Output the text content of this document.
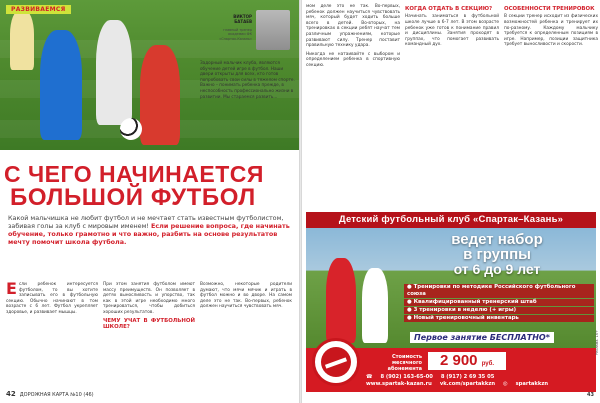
РАЗВИВАЕМСЯ
ВИКТОР
БАТАЕВ
главный тренер академии ФК «Спартак-Казань»
Задорный мальчик клуба, являются обучение детей игре в футбол. Наши двери открыты для всех, кто готов попробовать свои силы в тяжелом спорте. Важно – понимать ребенка прежде, в неспособность профессионально жизни в развитии. Мы стараемся развить...
С ЧЕГО НАЧИНАЕТСЯ
БОЛЬШОЙ ФУТБОЛ
Какой мальчишка не любит футбол и не мечтает стать известным футболистом, забивая голы за клуб с мировым именем! Если решение вопроса, где начинать обучение, только грамотно и что важно, разбить на основе результатов мечту помочит школа футбола.
Если ребенок интересуется футболом, то вы хотите записывать его в футбольную секцию. Обычно начинают в том возрасте с 6 лет. Футбол укрепляет здоровье, и развивает мышцы.
При этом занятия футболом имеют массу преимуществ. Он позволяет в детях выносливость и упорство, так как в этой игре необходимо много тренироваться, чтобы добиться хороших результатов.
ЧЕМУ УЧАТ В ФУТБОЛЬНОЙ ШКОЛЕ?
Возможно, некоторые родители думают, что мячи мячик и играть в футбол можно и во дворе. На самом деле это не так. Во-первых, ребенок должен научиться чувствовать мяч.
42 ДОРОЖНАЯ КАРТА №10 (46)
мом деле это не так. Во-первых, ребенок должен научиться чувствовать мяч, который будет ходить больше всего в детей. Во-вторых, на тренировках в секции ребят научат тем различным упражнениям, которые развивают силу. Тренер поставит правильную технику удара.
Никогда не натаивайте с выбором и определением ребенка в спортивную секцию.
КОГДА ОТДАТЬ В СЕКЦИЮ?
Начинать заниматься в футбольной школе лучше в 6-7 лет. В этом возрасте ребенок уже готов к понимание правил и дисциплины. Занятия проходят в группах, что помогает развивать командный дух.
ОСОБЕННОСТИ ТРЕНИРОВОК
В секции тренер исходит из физических возможностей ребенка и тренирует их по-разному. Каждому мальчику требуется к определенным позициям в игре. Например, позиции защитника требует выносливости и скорости.
Детский футбольный клуб «Спартак–Казань»
ведет набор
в группы
от 6 до 9 лет
● Тренировки по методике Российского футбольного союза
● Квалифицированный тренерский штаб
● 3 тренировки в неделю (+ игры)
● Новый тренировочный инвентарь
Первое занятие БЕСПЛАТНО*
Стоимость месячного абонемента	2 900 руб.
☎ 8 (902) 163-65-00 8 (917) 2 69 35 05
www.spartak-kazan.ru vk.com/spartakkzn ◎ spartakkzn
Реклама. 16+
43
